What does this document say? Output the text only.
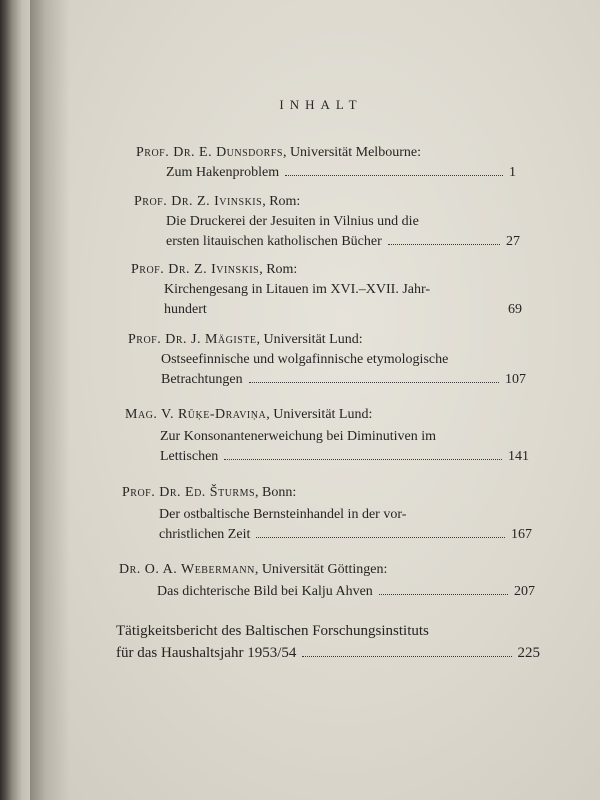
INHALT
Prof. Dr. E. Dunsdorfs, Universität Melbourne:
Zum Hakenproblem	1
Prof. Dr. Z. Ivinskis, Rom:
Die Druckerei der Jesuiten in Vilnius und die
ersten litauischen katholischen Bücher	27
Prof. Dr. Z. Ivinskis, Rom:
Kirchengesang in Litauen im XVI.–XVII. Jahr-
hundert	69
Prof. Dr. J. Mägiste, Universität Lund:
Ostseefinnische und wolgafinnische etymologische
Betrachtungen	107
Mag. V. Rūķe-Draviņa, Universität Lund:
Zur Konsonantenerweichung bei Diminutiven im
Lettischen	141
Prof. Dr. Ed. Šturms, Bonn:
Der ostbaltische Bernsteinhandel in der vor-
christlichen Zeit	167
Dr. O. A. Webermann, Universität Göttingen:
Das dichterische Bild bei Kalju Ahven	207
Tätigkeitsbericht des Baltischen Forschungsinstituts
für das Haushaltsjahr 1953/54	225
